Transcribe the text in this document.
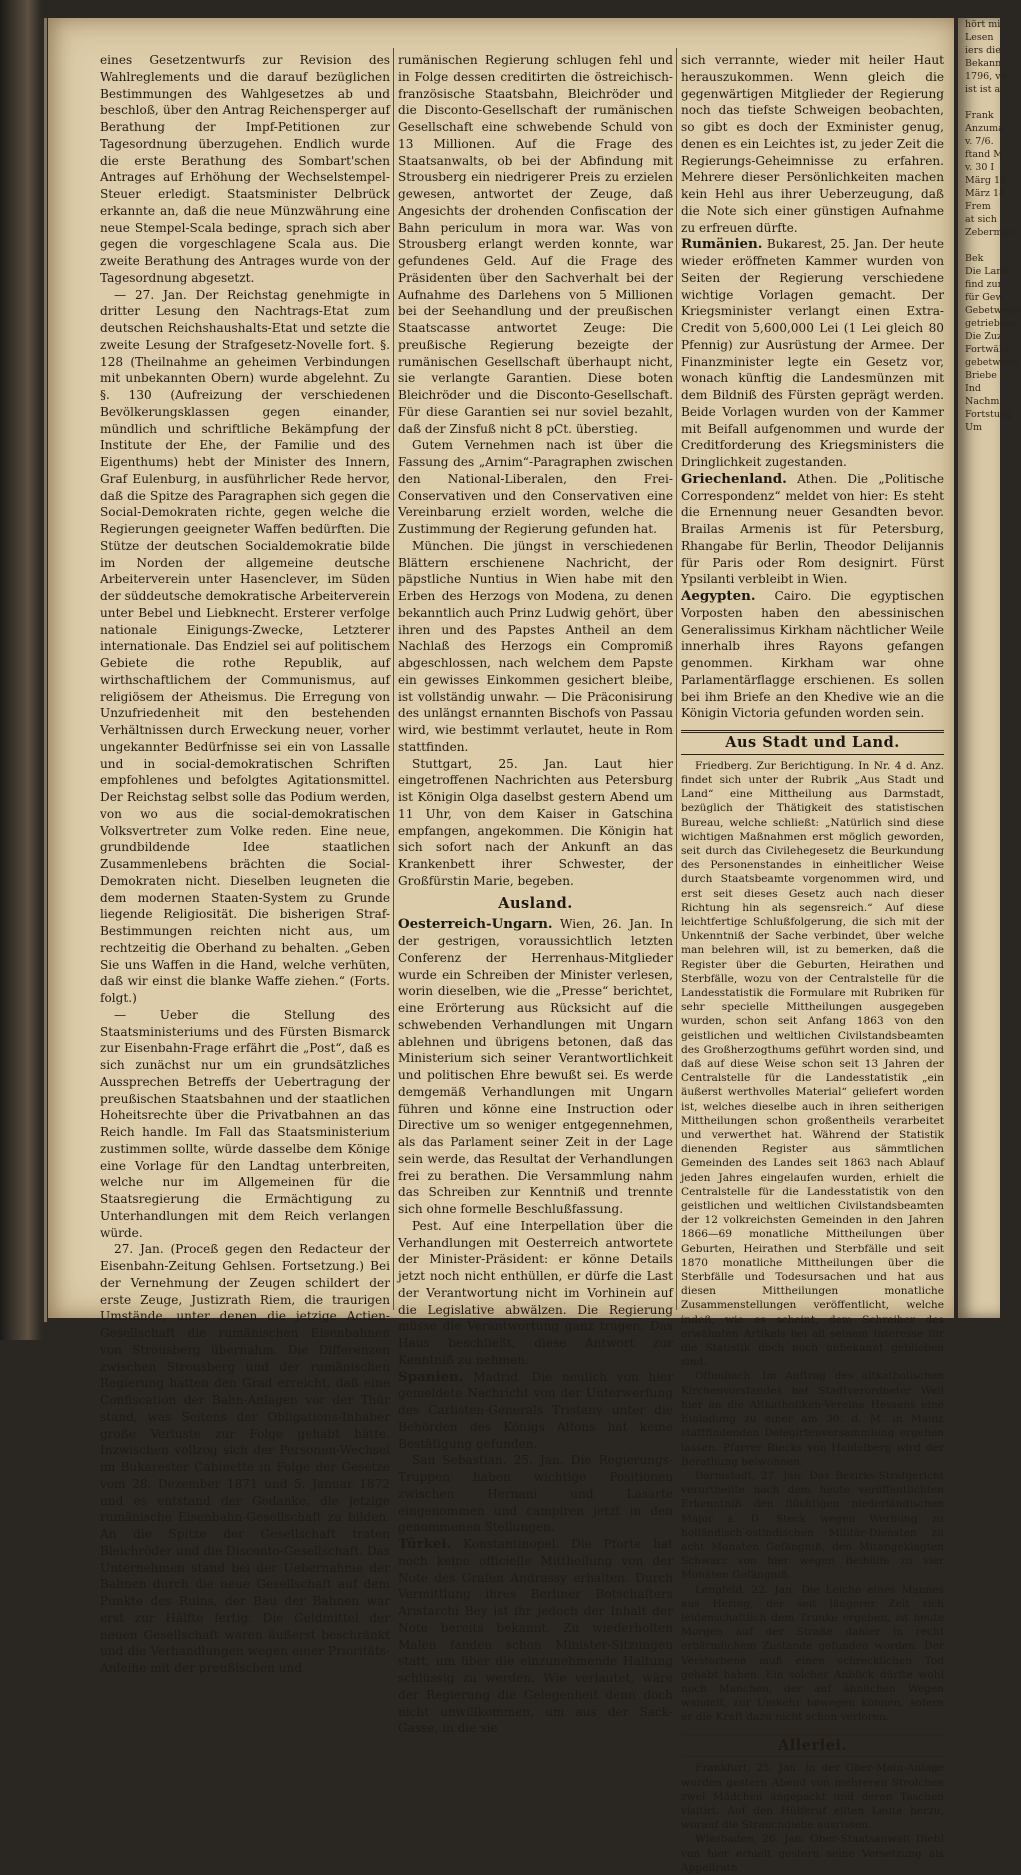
eines Gesetzentwurfs zur Revision des Wahlreglements und die darauf bezüglichen Bestimmungen des Wahlgesetzes ab und beschloß, über den Antrag Reichensperger auf Berathung der Impf-Petitionen zur Tagesordnung überzugehen. Endlich wurde die erste Berathung des Sombart'schen Antrages auf Erhöhung der Wechselstempel-Steuer erledigt. Staatsminister Delbrück erkannte an, daß die neue Münzwährung eine neue Stempel-Scala bedinge, sprach sich aber gegen die vorgeschlagene Scala aus. Die zweite Berathung des Antrages wurde von der Tagesordnung abgesetzt.

— 27. Jan. Der Reichstag genehmigte in dritter Lesung den Nachtrags-Etat zum deutschen Reichshaushalts-Etat und setzte die zweite Lesung der Strafgesetz-Novelle fort. §. 128 (Theilnahme an geheimen Verbindungen mit unbekannten Obern) wurde abgelehnt. Zu §. 130 (Aufreizung der verschiedenen Bevölkerungsklassen gegen einander, mündlich und schriftliche Bekämpfung der Institute der Ehe, der Familie und des Eigenthums) hebt der Minister des Innern, Graf Eulenburg, in ausführlicher Rede hervor, daß die Spitze des Paragraphen sich gegen die Social-Demokraten richte, gegen welche die Regierungen geeigneter Waffen bedürften. Die Stütze der deutschen Socialdemokratie bilde im Norden der allgemeine deutsche Arbeiterverein unter Hasenclever, im Süden der süddeutsche demokratische Arbeiterverein unter Bebel und Liebknecht. Ersterer verfolge nationale Einigungs-Zwecke, Letzterer internationale. Das Endziel sei auf politischem Gebiete die rothe Republik, auf wirthschaftlichem der Communismus, auf religiösem der Atheismus. Die Erregung von Unzufriedenheit mit den bestehenden Verhältnissen durch Erweckung neuer, vorher ungekannter Bedürfnisse sei ein von Lassalle und in social-demokratischen Schriften empfohlenes und befolgtes Agitationsmittel. Der Reichstag selbst solle das Podium werden, von wo aus die social-demokratischen Volksvertreter zum Volke reden. Eine neue, grundbildende Idee staatlichen Zusammenlebens brächten die Social-Demokraten nicht. Dieselben leugneten die dem modernen Staaten-System zu Grunde liegende Religiosität. Die bisherigen Straf-Bestimmungen reichten nicht aus, um rechtzeitig die Oberhand zu behalten. „Geben Sie uns Waffen in die Hand, welche verhüten, daß wir einst die blanke Waffe ziehen.“ (Forts. folgt.)

— Ueber die Stellung des Staatsministeriums und des Fürsten Bismarck zur Eisenbahn-Frage erfährt die „Post“, daß es sich zunächst nur um ein grundsätzliches Aussprechen Betreffs der Uebertragung der preußischen Staatsbahnen und der staatlichen Hoheitsrechte über die Privatbahnen an das Reich handle. Im Fall das Staatsministerium zustimmen sollte, würde dasselbe dem Könige eine Vorlage für den Landtag unterbreiten, welche nur im Allgemeinen für die Staatsregierung die Ermächtigung zu Unterhandlungen mit dem Reich verlangen würde.

27. Jan. (Proceß gegen den Redacteur der Eisenbahn-Zeitung Gehlsen. Fortsetzung.) Bei der Vernehmung der Zeugen schildert der erste Zeuge, Justizrath Riem, die traurigen Umstände, unter denen die jetzige Actien-Gesellschaft die rumänischen Eisenbahnen von Strousberg übernahm. Die Differenzen zwischen Strousberg und der rumänischen Regierung hatten den Grad erreicht, daß eine Confiscation der Bahn-Anlagen vor der Thür stand, was Seitens der Obligations-Inhaber große Verluste zur Folge gehabt hätte. Inzwischen vollzog sich der Personen-Wechsel im Bukarester Cabinette in Folge der Gesetze vom 28. Dezember 1871 und 5. Januar 1872 und es entstand der Gedanke, die jetzige rumänische Eisenbahn-Gesellschaft zu bilden. An die Spitze der Gesellschaft traten Bleichröder und die Disconto-Gesellschaft. Das Unternehmen stand bei der Uebernahme der Bahnen durch die neue Gesellschaft auf dem Punkte des Ruins, der Bau der Bahnen war erst zur Hälfte fertig. Die Geldmittel der neuen Gesellschaft waren äußerst beschränkt und die Verhandlungen wegen einer Prioritäts-Anleihe mit der preußischen und

rumänischen Regierung schlugen fehl und in Folge dessen creditirten die östreichisch-französische Staatsbahn, Bleichröder und die Disconto-Gesellschaft der rumänischen Gesellschaft eine schwebende Schuld von 13 Millionen. Auf die Frage des Staatsanwalts, ob bei der Abfindung mit Strousberg ein niedrigerer Preis zu erzielen gewesen, antwortet der Zeuge, daß Angesichts der drohenden Confiscation der Bahn periculum in mora war. Was von Strousberg erlangt werden konnte, war gefundenes Geld. Auf die Frage des Präsidenten über den Sachverhalt bei der Aufnahme des Darlehens von 5 Millionen bei der Seehandlung und der preußischen Staatscasse antwortet Zeuge: Die preußische Regierung bezeigte der rumänischen Gesellschaft überhaupt nicht, sie verlangte Garantien. Diese boten Bleichröder und die Disconto-Gesellschaft. Für diese Garantien sei nur soviel bezahlt, daß der Zinsfuß nicht 8 pCt. überstieg.

Gutem Vernehmen nach ist über die Fassung des „Arnim“-Paragraphen zwischen den National-Liberalen, den Frei-Conservativen und den Conservativen eine Vereinbarung erzielt worden, welche die Zustimmung der Regierung gefunden hat.

München. Die jüngst in verschiedenen Blättern erschienene Nachricht, der päpstliche Nuntius in Wien habe mit den Erben des Herzogs von Modena, zu denen bekanntlich auch Prinz Ludwig gehört, über ihren und des Papstes Antheil an dem Nachlaß des Herzogs ein Compromiß abgeschlossen, nach welchem dem Papste ein gewisses Einkommen gesichert bleibe, ist vollständig unwahr. — Die Präconisirung des unlängst ernannten Bischofs von Passau wird, wie bestimmt verlautet, heute in Rom stattfinden.

Stuttgart, 25. Jan. Laut hier eingetroffenen Nachrichten aus Petersburg ist Königin Olga daselbst gestern Abend um 11 Uhr, von dem Kaiser in Gatschina empfangen, angekommen. Die Königin hat sich sofort nach der Ankunft an das Krankenbett ihrer Schwester, der Großfürstin Marie, begeben.

Ausland.

Oesterreich-Ungarn. Wien, 26. Jan. In der gestrigen, voraussichtlich letzten Conferenz der Herrenhaus-Mitglieder wurde ein Schreiben der Minister verlesen, worin dieselben, wie die „Presse“ berichtet, eine Erörterung aus Rücksicht auf die schwebenden Verhandlungen mit Ungarn ablehnen und übrigens betonen, daß das Ministerium sich seiner Verantwortlichkeit und politischen Ehre bewußt sei. Es werde demgemäß Verhandlungen mit Ungarn führen und könne eine Instruction oder Directive um so weniger entgegennehmen, als das Parlament seiner Zeit in der Lage sein werde, das Resultat der Verhandlungen frei zu berathen. Die Versammlung nahm das Schreiben zur Kenntniß und trennte sich ohne formelle Beschlußfassung.

Pest. Auf eine Interpellation über die Verhandlungen mit Oesterreich antwortete der Minister-Präsident: er könne Details jetzt noch nicht enthüllen, er dürfe die Last der Verantwortung nicht im Vorhinein auf die Legislative abwälzen. Die Regierung müsse die Verantwortung ganz tragen. Das Haus beschließt, diese Antwort zur Kenntniß zu nehmen.

Spanien. Madrid. Die neulich von hier gemeldete Nachricht von der Unterwerfung des Carlisten-Generals Tristany unter die Behörden des Königs Alfons hat keine Bestätigung gefunden.

San Sebastian. 25. Jan. Die Regierungs-Truppen haben wichtige Positionen zwischen Hernani und Lasarte eingenommen und campiren jetzt in den genommenen Stellungen.

Türkei. Konstantinopel. Die Pforte hat noch keine officielle Mittheilung von der Note des Grafen Andrassy erhalten. Durch Vermittlung ihres Berliner Botschafters Aristarchi Bey ist ihr jedoch der Inhalt der Note bereits bekannt. Zu wiederholten Malen fanden schon Minister-Sitzungen statt, um über die einzunehmende Haltung schlüssig zu werden. Wie verlautet, wäre der Regierung die Gelegenheit denn doch nicht unwillkommen, um aus der Sack-Gasse, in die sie

sich verrannte, wieder mit heiler Haut herauszukommen. Wenn gleich die gegenwärtigen Mitglieder der Regierung noch das tiefste Schweigen beobachten, so gibt es doch der Exminister genug, denen es ein Leichtes ist, zu jeder Zeit die Regierungs-Geheimnisse zu erfahren. Mehrere dieser Persönlichkeiten machen kein Hehl aus ihrer Ueberzeugung, daß die Note sich einer günstigen Aufnahme zu erfreuen dürfte.

Rumänien. Bukarest, 25. Jan. Der heute wieder eröffneten Kammer wurden von Seiten der Regierung verschiedene wichtige Vorlagen gemacht. Der Kriegsminister verlangt einen Extra-Credit von 5,600,000 Lei (1 Lei gleich 80 Pfennig) zur Ausrüstung der Armee. Der Finanzminister legte ein Gesetz vor, wonach künftig die Landesmünzen mit dem Bildniß des Fürsten geprägt werden. Beide Vorlagen wurden von der Kammer mit Beifall aufgenommen und wurde der Creditforderung des Kriegsministers die Dringlichkeit zugestanden.

Griechenland. Athen. Die „Politische Correspondenz“ meldet von hier: Es steht die Ernennung neuer Gesandten bevor. Brailas Armenis ist für Petersburg, Rhangabe für Berlin, Theodor Delijannis für Paris oder Rom designirt. Fürst Ypsilanti verbleibt in Wien.

Aegypten. Cairo. Die egyptischen Vorposten haben den abessinischen Generalissimus Kirkham nächtlicher Weile innerhalb ihres Rayons gefangen genommen. Kirkham war ohne Parlamentärflagge erschienen. Es sollen bei ihm Briefe an den Khedive wie an die Königin Victoria gefunden worden sein.

Aus Stadt und Land.

Friedberg. Zur Berichtigung. In Nr. 4 d. Anz. findet sich unter der Rubrik „Aus Stadt und Land“ eine Mittheilung aus Darmstadt, bezüglich der Thätigkeit des statistischen Bureau, welche schließt: „Natürlich sind diese wichtigen Maßnahmen erst möglich geworden, seit durch das Civilehegesetz die Beurkundung des Personenstandes in einheitlicher Weise durch Staatsbeamte vorgenommen wird, und erst seit dieses Gesetz auch nach dieser Richtung hin als segensreich.“ Auf diese leichtfertige Schlußfolgerung, die sich mit der Unkenntniß der Sache verbindet, über welche man belehren will, ist zu bemerken, daß die Register über die Geburten, Heirathen und Sterbfälle, wozu von der Centralstelle für die Landesstatistik die Formulare mit Rubriken für sehr specielle Mittheilungen ausgegeben wurden, schon seit Anfang 1863 von den geistlichen und weltlichen Civilstandsbeamten des Großherzogthums geführt worden sind, und daß auf diese Weise schon seit 13 Jahren der Centralstelle für die Landesstatistik „ein äußerst werthvolles Material“ geliefert worden ist, welches dieselbe auch in ihren seitherigen Mittheilungen schon großentheils verarbeitet und verwerthet hat. Während der Statistik dienenden Register aus sämmtlichen Gemeinden des Landes seit 1863 nach Ablauf jeden Jahres eingelaufen wurden, erhielt die Centralstelle für die Landesstatistik von den geistlichen und weltlichen Civilstandsbeamten der 12 volkreichsten Gemeinden in den Jahren 1866—69 monatliche Mittheilungen über Geburten, Heirathen und Sterbfälle und seit 1870 monatliche Mittheilungen über die Sterbfälle und Todesursachen und hat aus diesen Mittheilungen monatliche Zusammenstellungen veröffentlicht, welche indeß, wie es scheint, dem Schreiber des erwähnten Artikels bei all seinem Interesse für die Statistik doch noch unbekannt geblieben sind.

Offenbach. Im Auftrag des altkatholischen Kirchenvorstandes hat Stadtverordneter Weil hier an die Altkatholiken-Vereine Hessens eine Einladung zu einer am 30. d. M. in Mainz stattfindenden Delegirtenversammlung ergehen lassen. Pfarrer Riecks von Heidelberg wird der Berathung beiwohnen.

Darmstadt, 27. Jan. Das Bezirks-Strafgericht verurtheilte nach dem heute veröffentlichten Erkenntniß den flüchtigen niederländischen Major a. D. Steck wegen Werbung zu holländisch-ostindischen Militär-Diensten zu acht Monaten Gefängniß, den Mitangeklagten Schwarz von hier wegen Beihülfe zu vier Monaten Gefängniß.

Lengfeld, 22. Jan. Die Leiche eines Mannes aus Hering, der seit längerer Zeit sich leidenschaftlich dem Trunke ergeben, ist heute Morgen auf der Straße dahier in recht erbärmlichem Zustande gefunden worden. Der Verstorbene muß einen schrecklichen Tod gehabt haben. Ein solcher Anblick dürfte wohl noch Manchen, der auf ähnlichen Wegen wandelt, zur Umkehr bewegen können, sofern er die Kraft dazu nicht schon verloren.

Allerlei.

Frankfurt, 25. Jan. In der Ober-Main-Anlage wurden gestern Abend von mehreren Strolchen zwei Mädchen angepackt und deren Taschen visitirt. Auf den Hülferuf eilten Leute herzu, worauf die Strauchdiebe ausrissen.

Wiesbaden, 26. Jan. Ober-Staatsanwalt Diehl von hier erhielt gestern seine Versetzung als Appellrath

hört mit
Lesen
iers die
Bekannt
1796, vo
ist ist a

Frank
Anzuma
v. 7/6.
ftand M
v. 30 I
Märg 18
März 18
Frem
at sich
Zeberman

Bek
Die Land
find zur
für Gew
Gebetweise
getriebene
Die Zuz
Fortwähr
gebetweise
Briebe
Ind
Nachm
Fortstung
Um
